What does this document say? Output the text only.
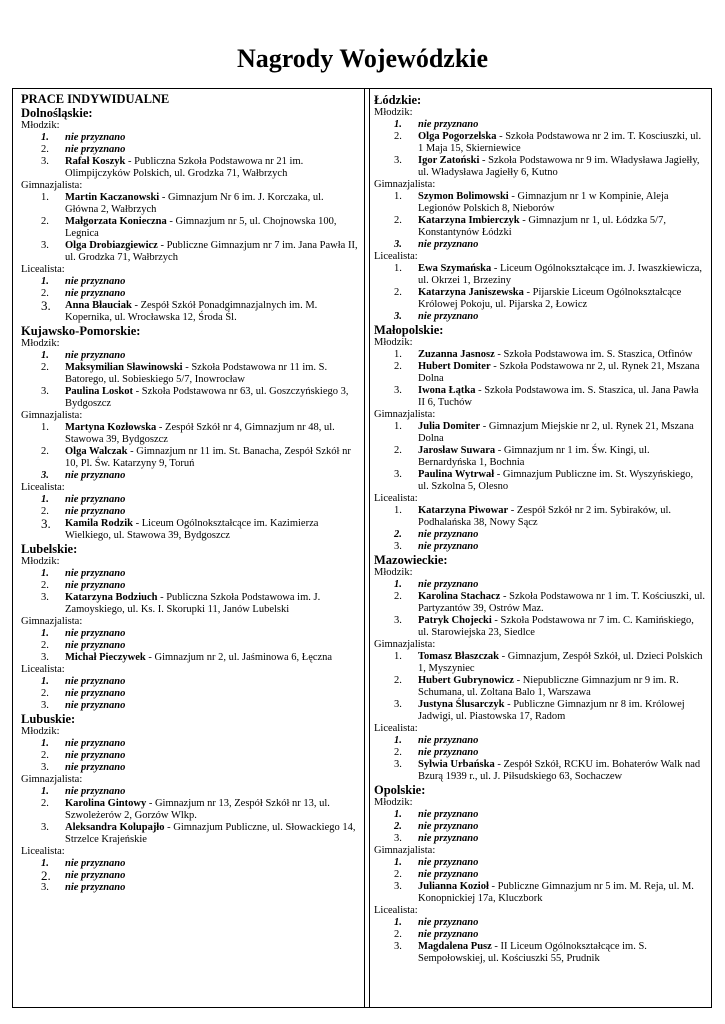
Nagrody Wojewódzkie
PRACE INDYWIDUALNE
Dolnośląskie:
Młodzik:
1.	nie przyznano
2.	nie przyznano
3.	Rafał Koszyk - Publiczna Szkoła Podstawowa nr 21 im. Olimpijczyków Polskich, ul. Grodzka 71, Wałbrzych
Gimnazjalista:
1.	Martin Kaczanowski - Gimnazjum Nr 6 im. J. Korczaka, ul. Główna 2, Wałbrzych
2.	Małgorzata Konieczna - Gimnazjum nr 5, ul. Chojnowska 100, Legnica
3.	Olga Drobiazgiewicz - Publiczne Gimnazjum nr 7 im. Jana Pawła II, ul. Grodzka 71, Wałbrzych
Licealista:
1.	nie przyznano
2.	nie przyznano
3.	Anna Błauciak - Zespół Szkół Ponadgimnazjalnych im. M. Kopernika, ul. Wrocławska 12, Środa Śl.
Kujawsko-Pomorskie:
Młodzik:
1.	nie przyznano
2.	Maksymilian Sławinowski - Szkoła Podstawowa nr 11 im. S. Batorego, ul. Sobieskiego 5/7, Inowrocław
3.	Paulina Loskot - Szkoła Podstawowa nr 63, ul. Goszczyńskiego 3, Bydgoszcz
Gimnazjalista:
1.	Martyna Kozłowska - Zespół Szkół nr 4, Gimnazjum nr 48, ul. Stawowa 39, Bydgoszcz
2.	Olga Walczak - Gimnazjum nr 11 im. St. Banacha, Zespół Szkół nr 10, Pl. Św. Katarzyny 9, Toruń
3.	nie przyznano
Licealista:
1.	nie przyznano
2.	nie przyznano
3.	Kamila Rodzik - Liceum Ogólnokształcące im. Kazimierza Wielkiego, ul. Stawowa 39, Bydgoszcz
Lubelskie:
Młodzik:
1.	nie przyznano
2.	nie przyznano
3.	Katarzyna Bodziuch - Publiczna Szkoła Podstawowa im. J. Zamoyskiego, ul. Ks. I. Skorupki 11, Janów Lubelski
Gimnazjalista:
1.	nie przyznano
2.	nie przyznano
3.	Michał Pieczywek - Gimnazjum nr 2, ul. Jaśminowa 6, Łęczna
Licealista:
1.	nie przyznano
2.	nie przyznano
3.	nie przyznano
Lubuskie:
Młodzik:
1.	nie przyznano
2.	nie przyznano
3.	nie przyznano
Gimnazjalista:
1.	nie przyznano
2.	Karolina Gintowy - Gimnazjum nr 13, Zespół Szkół nr 13, ul. Szwoleżerów 2, Gorzów Wlkp.
3.	Aleksandra Kolupajło - Gimnazjum Publiczne, ul. Słowackiego 14, Strzelce Krajeńskie
Licealista:
1.	nie przyznano
2.	nie przyznano
3.	nie przyznano
Łódzkie:
Młodzik:
1.	nie przyznano
2.	Olga Pogorzelska - Szkoła Podstawowa nr 2 im. T. Kosciuszki, ul. 1 Maja 15, Skierniewice
3.	Igor Zatoński - Szkoła Podstawowa nr 9 im. Władysława Jagiełły, ul. Władysława Jagiełły 6, Kutno
Gimnazjalista:
1.	Szymon Bolimowski - Gimnazjum nr 1 w Kompinie, Aleja Legionów Polskich 8, Nieborów
2.	Katarzyna Imbierczyk - Gimnazjum nr 1, ul. Łódzka 5/7, Konstantynów Łódzki
3.	nie przyznano
Licealista:
1.	Ewa Szymańska - Liceum Ogólnokształcące im. J. Iwaszkiewicza, ul. Okrzei 1, Brzeziny
2.	Katarzyna Janiszewska - Pijarskie Liceum Ogólnokształcące Królowej Pokoju, ul. Pijarska 2, Łowicz
3.	nie przyznano
Małopolskie:
Młodzik:
1.	Zuzanna Jasnosz - Szkoła Podstawowa im. S. Staszica, Otfinów
2.	Hubert Domiter - Szkoła Podstawowa nr 2, ul. Rynek 21, Mszana Dolna
3.	Iwona Łątka - Szkoła Podstawowa im. S. Staszica, ul. Jana Pawła II 6, Tuchów
Gimnazjalista:
1.	Julia Domiter - Gimnazjum Miejskie nr 2, ul. Rynek 21, Mszana Dolna
2.	Jarosław Suwara - Gimnazjum nr 1 im. Św. Kingi, ul. Bernardyńska 1, Bochnia
3.	Paulina Wytrwał - Gimnazjum Publiczne im. St. Wyszyńskiego, ul. Szkolna 5, Olesno
Licealista:
1.	Katarzyna Piwowar - Zespół Szkół nr 2 im. Sybiraków, ul. Podhalańska 38, Nowy Sącz
2.	nie przyznano
3.	nie przyznano
Mazowieckie:
Młodzik:
1.	nie przyznano
2.	Karolina Stachacz - Szkoła Podstawowa nr 1 im. T. Kościuszki, ul. Partyzantów 39, Ostrów Maz.
3.	Patryk Chojecki - Szkoła Podstawowa nr 7 im. C. Kamińskiego, ul. Starowiejska 23, Siedlce
Gimnazjalista:
1.	Tomasz Błaszczak - Gimnazjum, Zespół Szkół, ul. Dzieci Polskich 1, Myszyniec
2.	Hubert Gubrynowicz - Niepubliczne Gimnazjum nr 9 im. R. Schumana, ul. Zoltana Balo 1, Warszawa
3.	Justyna Ślusarczyk - Publiczne Gimnazjum nr 8 im. Królowej Jadwigi, ul. Piastowska 17, Radom
Licealista:
1.	nie przyznano
2.	nie przyznano
3.	Sylwia Urbańska - Zespół Szkół, RCKU im. Bohaterów Walk nad Bzurą 1939 r., ul. J. Piłsudskiego 63, Sochaczew
Opolskie:
Młodzik:
1.	nie przyznano
2.	nie przyznano
3.	nie przyznano
Gimnazjalista:
1.	nie przyznano
2.	nie przyznano
3.	Julianna Kozioł - Publiczne Gimnazjum nr 5 im. M. Reja, ul. M. Konopnickiej 17a, Kluczbork
Licealista:
1.	nie przyznano
2.	nie przyznano
3.	Magdalena Pusz - II Liceum Ogólnokształcące im. S. Sempołowskiej, ul. Kościuszki 55, Prudnik
